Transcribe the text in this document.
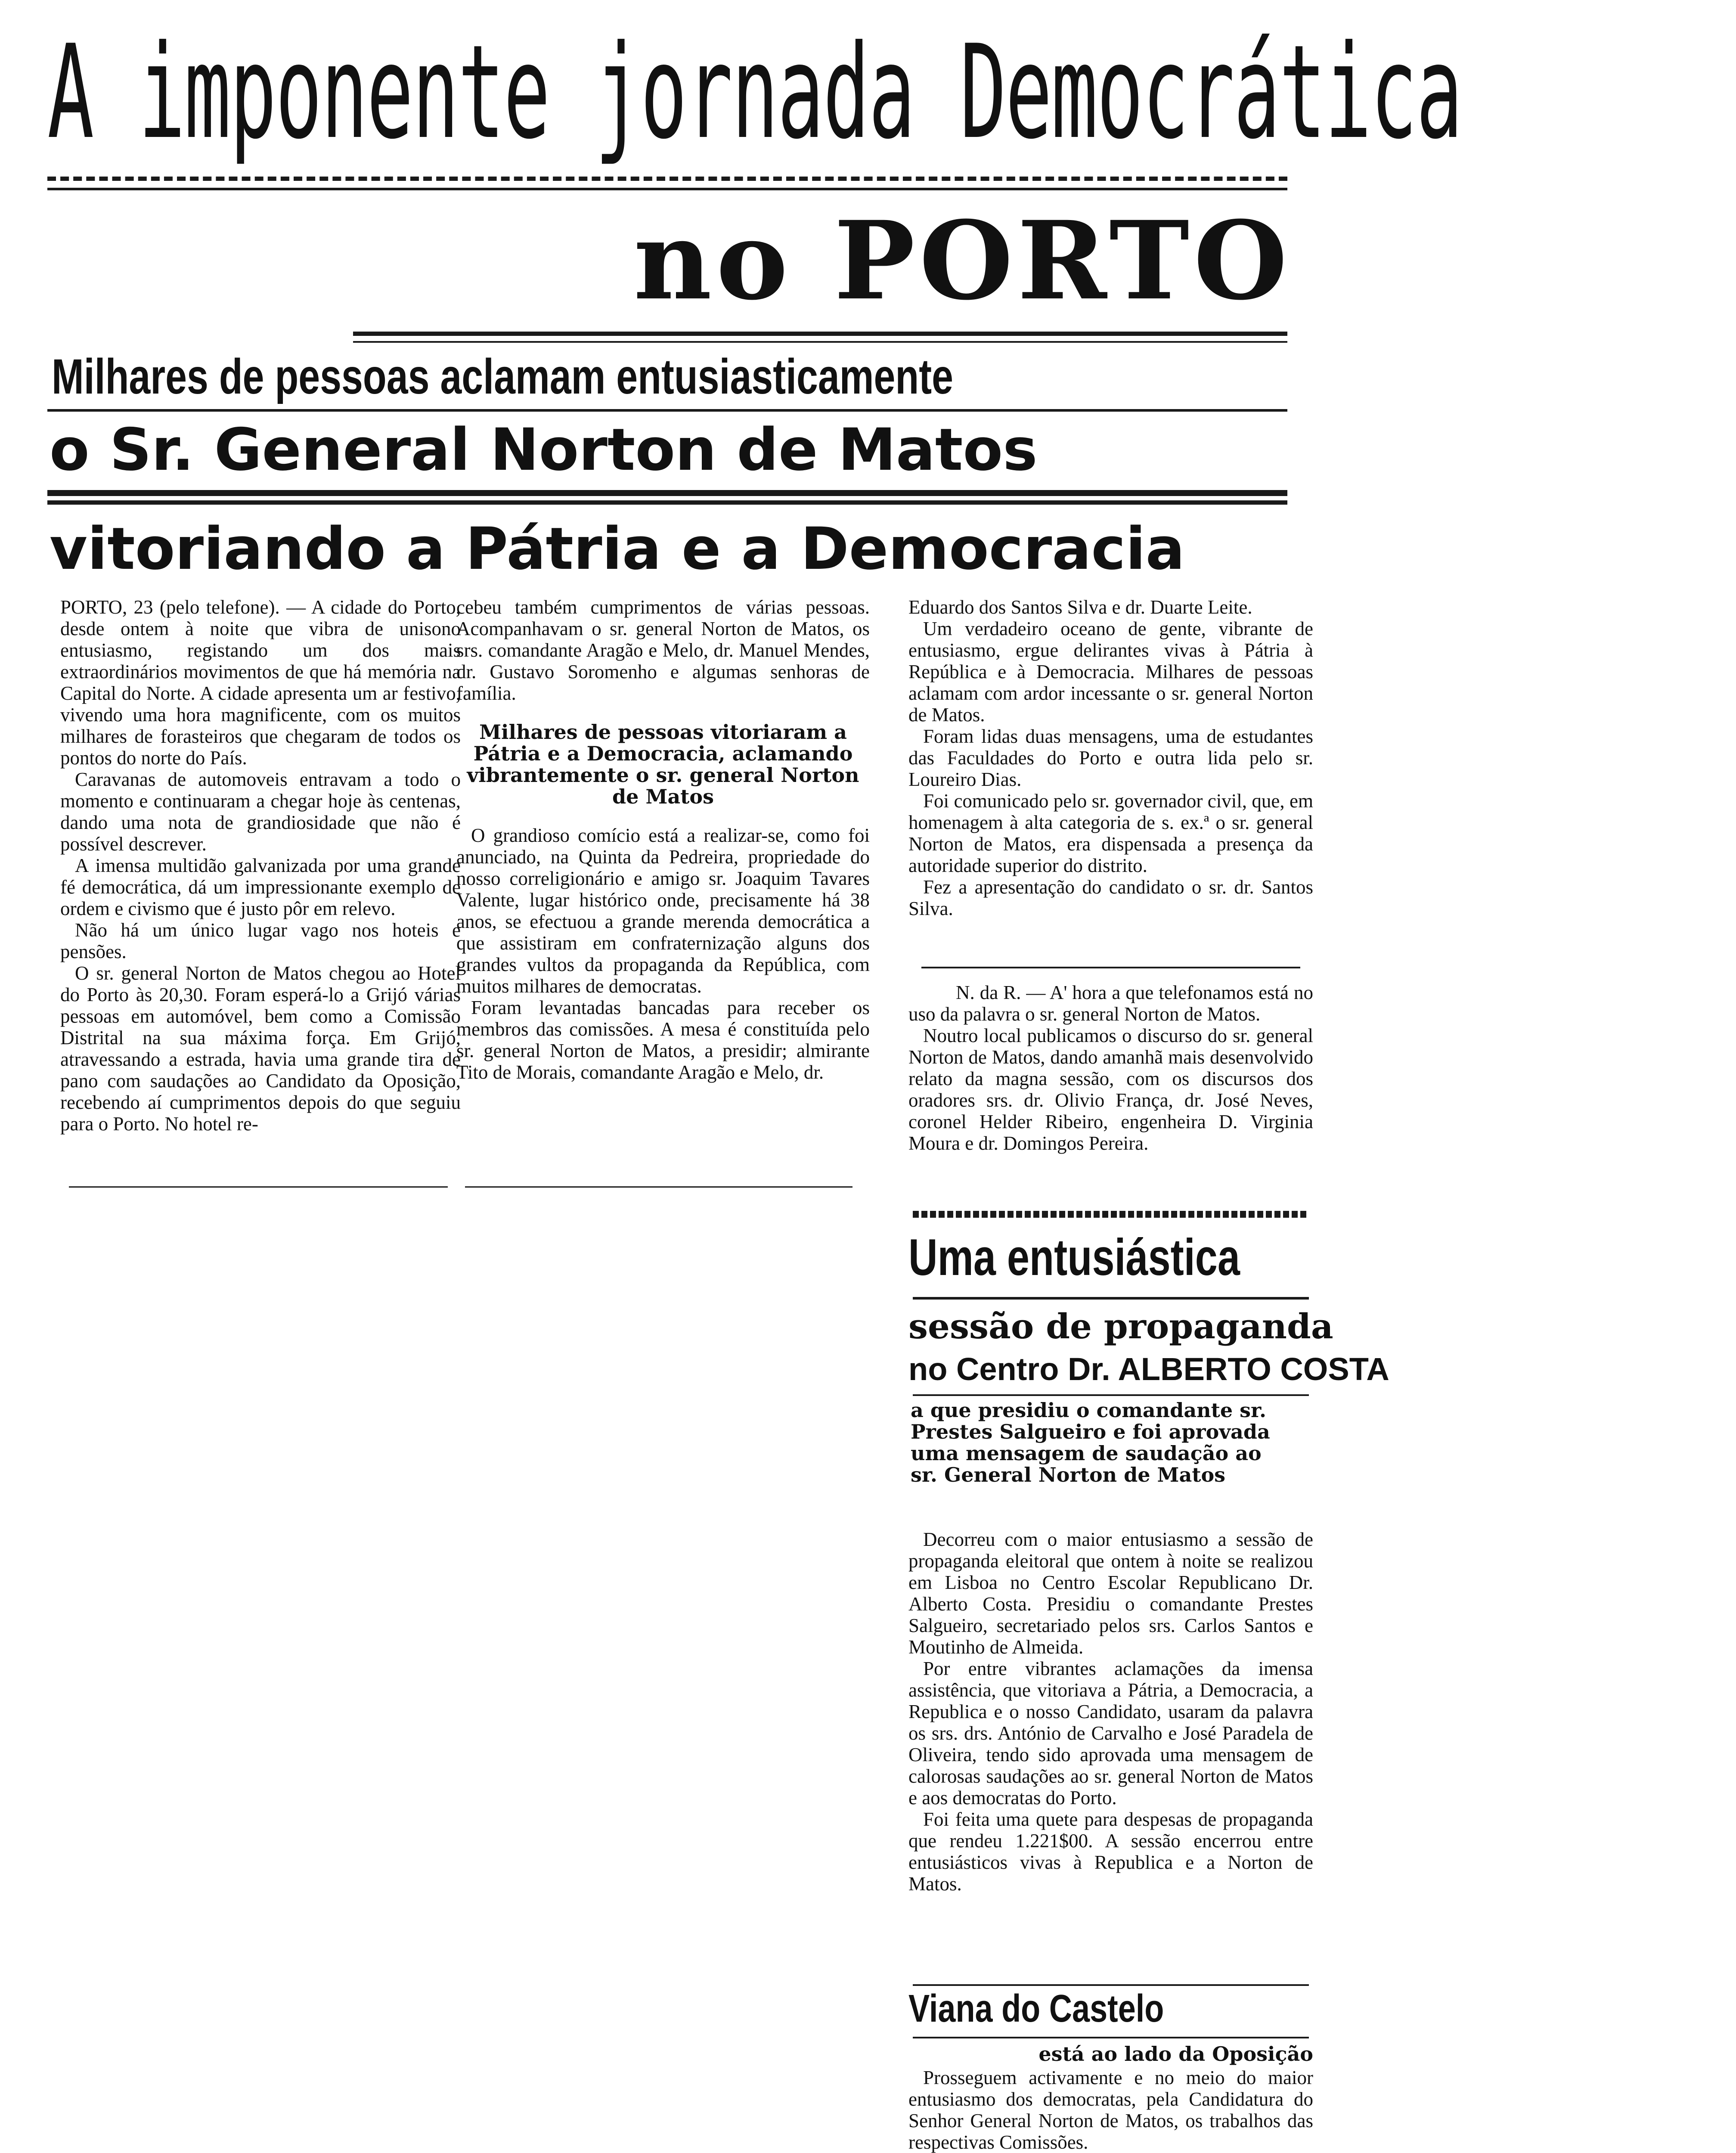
A imponente jornada Democrática
no PORTO
Milhares de pessoas aclamam entusiasticamente
o Sr. General Norton de Matos
vitoriando a Pátria e a Democracia

PORTO, 23 (pelo telefone). — A cidade do Porto, desde ontem à noite que vibra de unisono entusiasmo, registando um dos mais extraordinários movimentos de que há memória na Capital do Norte. A cidade apresenta um ar festivo, vivendo uma hora magnificente, com os muitos milhares de forasteiros que chegaram de todos os pontos do norte do País.

Caravanas de automoveis entravam a todo o momento e continuaram a chegar hoje às centenas, dando uma nota de grandiosidade que não é possível descrever.

A imensa multidão galvanizada por uma grande fé democrática, dá um impressionante exemplo de ordem e civismo que é justo pôr em relevo.

Não há um único lugar vago nos hoteis e pensões.

O sr. general Norton de Matos chegou ao Hotel do Porto às 20,30. Foram esperá-lo a Grijó várias pessoas em automóvel, bem como a Comissão Distrital na sua máxima força. Em Grijó, atravessando a estrada, havia uma grande tira de pano com saudações ao Candidato da Oposição, recebendo aí cumprimentos depois do que seguiu para o Porto. No hotel re-

cebeu também cumprimentos de várias pessoas. Acompanhavam o sr. general Norton de Matos, os srs. comandante Aragão e Melo, dr. Manuel Mendes, dr. Gustavo Soromenho e algumas senhoras de família.

Milhares de pessoas vitoriaram a Pátria e a Democracia, aclamando vibrantemente o sr. general Norton de Matos

O grandioso comício está a realizar-se, como foi anunciado, na Quinta da Pedreira, propriedade do nosso correligionário e amigo sr. Joaquim Tavares Valente, lugar histórico onde, precisamente há 38 anos, se efectuou a grande merenda democrática a que assistiram em confraternização alguns dos grandes vultos da propaganda da República, com muitos milhares de democratas.

Foram levantadas bancadas para receber os membros das comissões. A mesa é constituída pelo sr. general Norton de Matos, a presidir; almirante Tito de Morais, comandante Aragão e Melo, dr.

Eduardo dos Santos Silva e dr. Duarte Leite.

Um verdadeiro oceano de gente, vibrante de entusiasmo, ergue delirantes vivas à Pátria à República e à Democracia. Milhares de pessoas aclamam com ardor incessante o sr. general Norton de Matos.

Foram lidas duas mensagens, uma de estudantes das Faculdades do Porto e outra lida pelo sr. Loureiro Dias.

Foi comunicado pelo sr. governador civil, que, em homenagem à alta categoria de s. ex.ª o sr. general Norton de Matos, era dispensada a presença da autoridade superior do distrito.

Fez a apresentação do candidato o sr. dr. Santos Silva.

N. da R. — A' hora a que telefonamos está no uso da palavra o sr. general Norton de Matos.

Noutro local publicamos o discurso do sr. general Norton de Matos, dando amanhã mais desenvolvido relato da magna sessão, com os discursos dos oradores srs. dr. Olivio França, dr. José Neves, coronel Helder Ribeiro, engenheira D. Virginia Moura e dr. Domingos Pereira.

Uma entusiástica
sessão de propaganda
no Centro Dr. ALBERTO COSTA
a que presidiu o comandante sr. Prestes Salgueiro e foi aprovada uma mensagem de saudação ao sr. General Norton de Matos

Decorreu com o maior entusiasmo a sessão de propaganda eleitoral que ontem à noite se realizou em Lisboa no Centro Escolar Republicano Dr. Alberto Costa. Presidiu o comandante Prestes Salgueiro, secretariado pelos srs. Carlos Santos e Moutinho de Almeida.

Por entre vibrantes aclamações da imensa assistência, que vitoriava a Pátria, a Democracia, a Republica e o nosso Candidato, usaram da palavra os srs. drs. António de Carvalho e José Paradela de Oliveira, tendo sido aprovada uma mensagem de calorosas saudações ao sr. general Norton de Matos e aos democratas do Porto.

Foi feita uma quete para despesas de propaganda que rendeu 1.221$00. A sessão encerrou entre entusiásticos vivas à Republica e a Norton de Matos.

Viana do Castelo
está ao lado da Oposição

Prosseguem activamente e no meio do maior entusiasmo dos democratas, pela Candidatura do Senhor General Norton de Matos, os trabalhos das respectivas Comissões.
